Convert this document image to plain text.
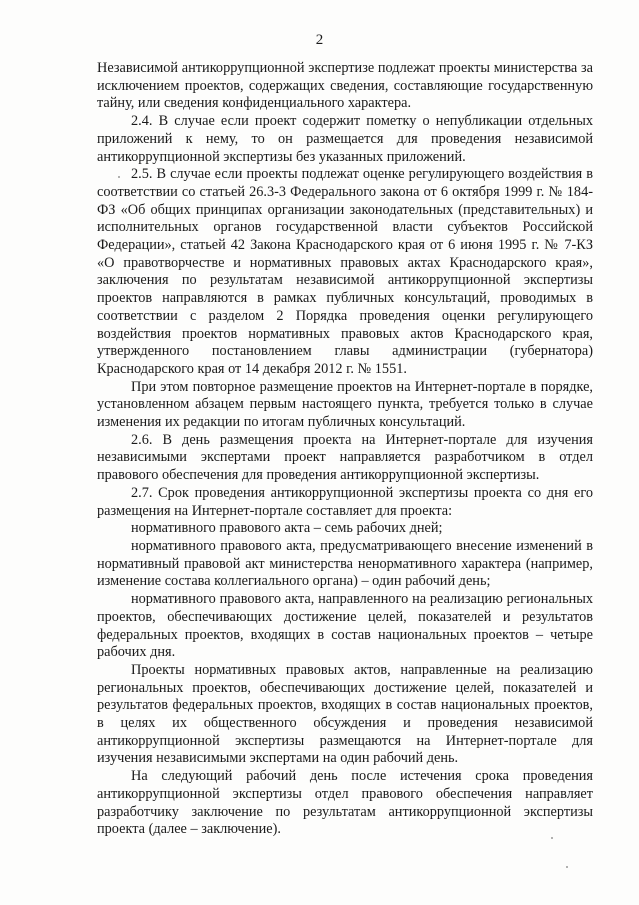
2

Независимой антикоррупционной экспертизе подлежат проекты министерства за исключением проектов, содержащих сведения, составляющие государственную тайну, или сведения конфиденциального характера.

2.4. В случае если проект содержит пометку о непубликации отдельных приложений к нему, то он размещается для проведения независимой антикоррупционной экспертизы без указанных приложений.

2.5. В случае если проекты подлежат оценке регулирующего воздействия в соответствии со статьей 26.3-3 Федерального закона от 6 октября 1999 г. № 184-ФЗ «Об общих принципах организации законодательных (представительных) и исполнительных органов государственной власти субъектов Российской Федерации», статьей 42 Закона Краснодарского края от 6 июня 1995 г. № 7-КЗ «О правотворчестве и нормативных правовых актах Краснодарского края», заключения по результатам независимой антикоррупционной экспертизы проектов направляются в рамках публичных консультаций, проводимых в соответствии с разделом 2 Порядка проведения оценки регулирующего воздействия проектов нормативных правовых актов Краснодарского края, утвержденного постановлением главы администрации (губернатора) Краснодарского края от 14 декабря 2012 г. № 1551.

При этом повторное размещение проектов на Интернет-портале в порядке, установленном абзацем первым настоящего пункта, требуется только в случае изменения их редакции по итогам публичных консультаций.

2.6. В день размещения проекта на Интернет-портале для изучения независимыми экспертами проект направляется разработчиком в отдел правового обеспечения для проведения антикоррупционной экспертизы.

2.7. Срок проведения антикоррупционной экспертизы проекта со дня его размещения на Интернет-портале составляет для проекта:

нормативного правового акта – семь рабочих дней;

нормативного правового акта, предусматривающего внесение изменений в нормативный правовой акт министерства ненормативного характера (например, изменение состава коллегиального органа) – один рабочий день;

нормативного правового акта, направленного на реализацию региональных проектов, обеспечивающих достижение целей, показателей и результатов федеральных проектов, входящих в состав национальных проектов – четыре рабочих дня.

Проекты нормативных правовых актов, направленные на реализацию региональных проектов, обеспечивающих достижение целей, показателей и результатов федеральных проектов, входящих в состав национальных проектов, в целях их общественного обсуждения и проведения независимой антикоррупционной экспертизы размещаются на Интернет-портале для изучения независимыми экспертами на один рабочий день.

На следующий рабочий день после истечения срока проведения антикоррупционной экспертизы отдел правового обеспечения направляет разработчику заключение по результатам антикоррупционной экспертизы проекта (далее – заключение).
